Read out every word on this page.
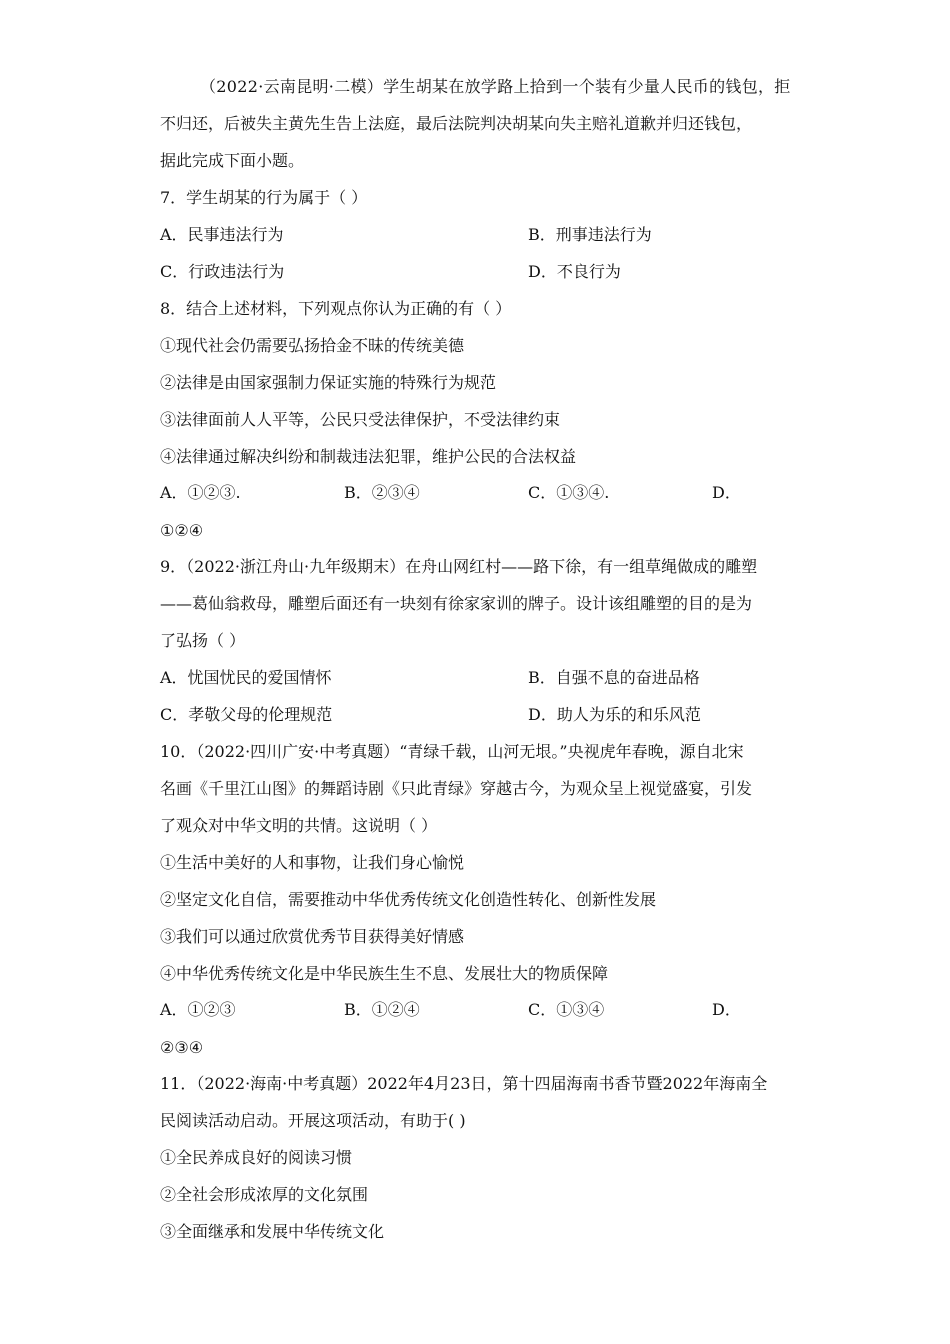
（2022·云南昆明·二模）学生胡某在放学路上拾到一个装有少量人民币的钱包，拒
不归还，后被失主黄先生告上法庭，最后法院判决胡某向失主赔礼道歉并归还钱包，
据此完成下面小题。
7．学生胡某的行为属于（ ）
A．民事违法行为	B．刑事违法行为
C．行政违法行为	D．不良行为
8．结合上述材料，下列观点你认为正确的有（ ）
①现代社会仍需要弘扬拾金不昧的传统美德
②法律是由国家强制力保证实施的特殊行为规范
③法律面前人人平等，公民只受法律保护，不受法律约束
④法律通过解决纠纷和制裁违法犯罪，维护公民的合法权益
A．①②③.	B．②③④	C．①③④.	D．
①②④
9．（2022·浙江舟山·九年级期末）在舟山网红村——路下徐，有一组草绳做成的雕塑
——葛仙翁救母，雕塑后面还有一块刻有徐家家训的牌子。设计该组雕塑的目的是为
了弘扬（ ）
A．忧国忧民的爱国情怀	B．自强不息的奋进品格
C．孝敬父母的伦理规范	D．助人为乐的和乐风范
10．（2022·四川广安·中考真题）“青绿千载，山河无垠。”央视虎年春晚，源自北宋
名画《千里江山图》的舞蹈诗剧《只此青绿》穿越古今，为观众呈上视觉盛宴，引发
了观众对中华文明的共情。这说明（ ）
①生活中美好的人和事物，让我们身心愉悦
②坚定文化自信，需要推动中华优秀传统文化创造性转化、创新性发展
③我们可以通过欣赏优秀节目获得美好情感
④中华优秀传统文化是中华民族生生不息、发展壮大的物质保障
A．①②③	B．①②④	C．①③④	D．
②③④
11．（2022·海南·中考真题）2022年4月23日，第十四届海南书香节暨2022年海南全
民阅读活动启动。开展这项活动，有助于( )
①全民养成良好的阅读习惯
②全社会形成浓厚的文化氛围
③全面继承和发展中华传统文化
